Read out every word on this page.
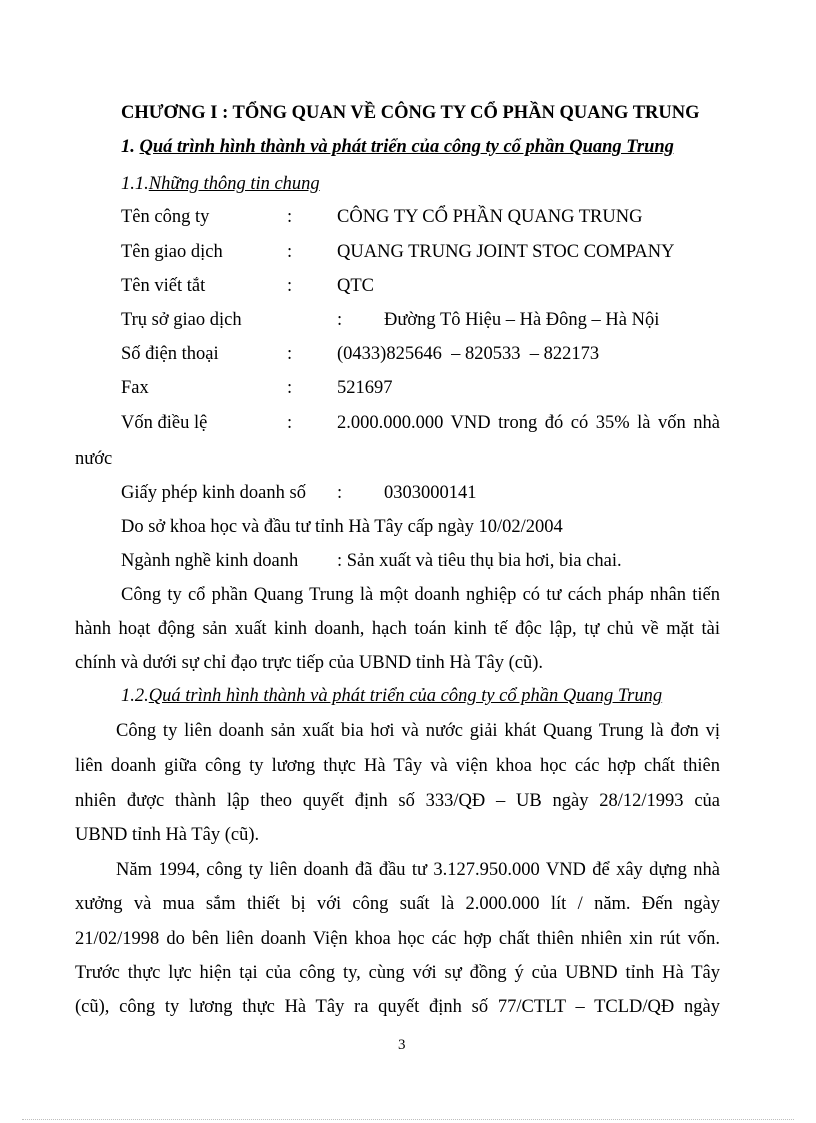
CHƯƠNG I : TỔNG QUAN VỀ CÔNG TY CỔ PHẦN QUANG TRUNG
1. Quá trình hình thành và phát triển của công ty cổ phần Quang Trung
1.1.Những thông tin chung
Tên công ty	: CÔNG TY CỔ PHẦN QUANG TRUNG
Tên giao dịch	: QUANG TRUNG JOINT STOC COMPANY
Tên viết tắt	: QTC
Trụ sở giao dịch	: Đường Tô Hiệu – Hà Đông – Hà Nội
Số điện thoại	: (0433)825646  – 820533  – 822173
Fax	: 521697
Vốn điều lệ	: 2.000.000.000 VND trong đó có 35% là vốn nhà
nước
Giấy phép kinh doanh số : 0303000141
Do sở khoa học và đầu tư tỉnh Hà Tây cấp ngày 10/02/2004
Ngành nghề kinh doanh : Sản xuất và tiêu thụ bia hơi, bia chai.
Công ty cổ phần Quang Trung là một doanh nghiệp có tư cách pháp nhân tiến
hành hoạt động sản xuất kinh doanh, hạch toán kinh tế độc lập, tự chủ về mặt tài
chính và dưới sự chỉ đạo trực tiếp của UBND tỉnh Hà Tây (cũ).
1.2.Quá trình hình thành và phát triển của công ty cổ phần Quang Trung
Công ty liên doanh sản xuất bia hơi và nước giải khát Quang Trung là đơn vị
liên doanh giữa công ty lương thực Hà Tây và viện khoa học các hợp chất thiên
nhiên được thành lập theo quyết định số 333/QĐ – UB ngày 28/12/1993 của
UBND tỉnh Hà Tây (cũ).
Năm 1994, công ty liên doanh đã đầu tư 3.127.950.000 VND để xây dựng nhà
xưởng và mua sắm thiết bị với công suất là 2.000.000 lít / năm. Đến ngày
21/02/1998 do bên liên doanh Viện khoa học các hợp chất thiên nhiên xin rút vốn.
Trước thực lực hiện tại của công ty, cùng với sự đồng ý của UBND tỉnh Hà Tây
(cũ), công ty lương thực Hà Tây ra quyết định số 77/CTLT – TCLD/QĐ ngày
3
